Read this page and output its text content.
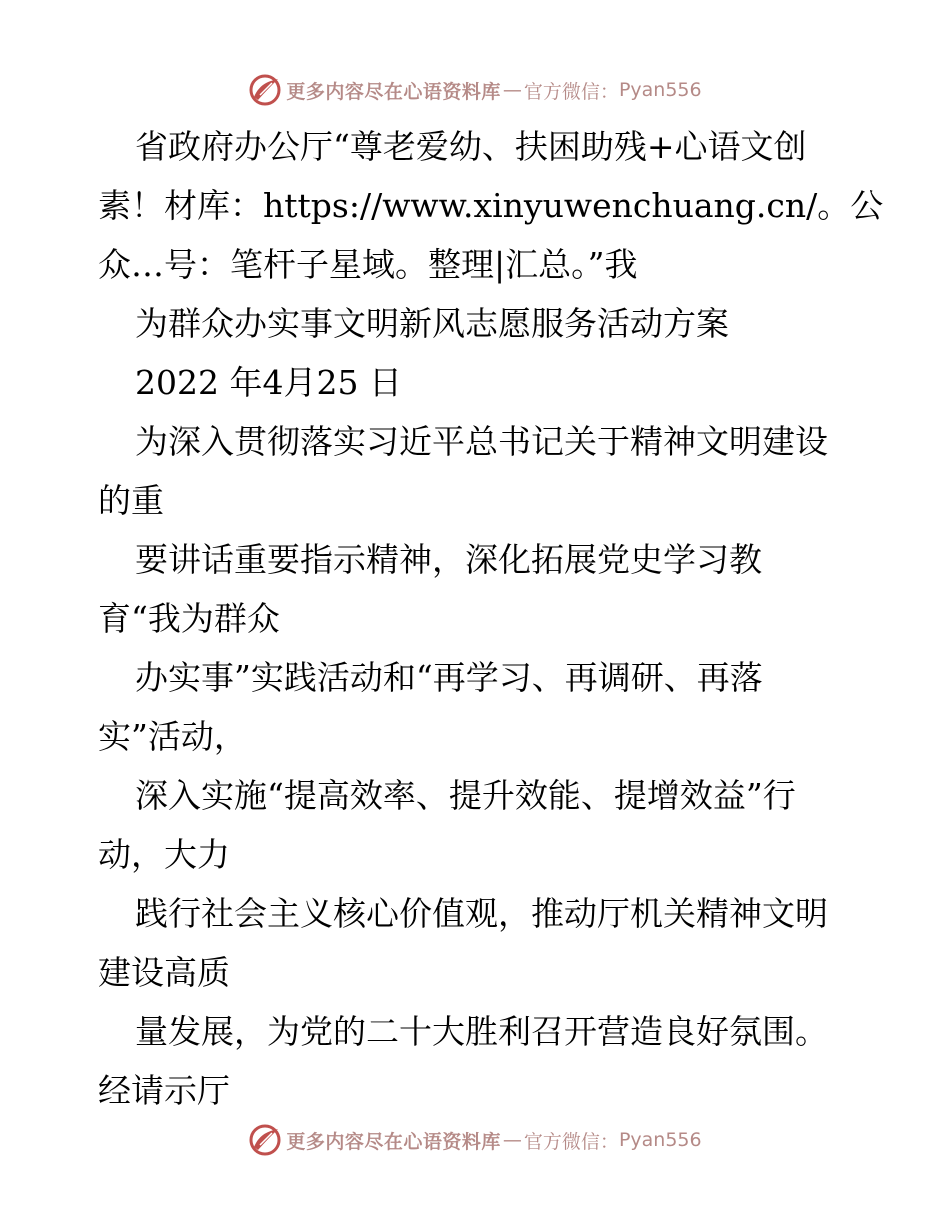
更多内容尽在心语资料库 — 官方微信： Pyan556
省政府办公厅“尊老爱幼、扶困助残+心语文创
素！材库：https://www.xinyuwenchuang.cn/。公
众…号：笔杆子星域。整理|汇总。”我
为群众办实事文明新风志愿服务活动方案
2022 年4月25 日
为深入贯彻落实习近平总书记关于精神文明建设
的重
要讲话重要指示精神，深化拓展党史学习教
育“我为群众
办实事”实践活动和“再学习、再调研、再落
实”活动，
深入实施“提高效率、提升效能、提增效益”行
动，大力
践行社会主义核心价值观，推动厅机关精神文明
建设高质
量发展，为党的二十大胜利召开营造良好氛围。
经请示厅
更多内容尽在心语资料库 — 官方微信： Pyan556
